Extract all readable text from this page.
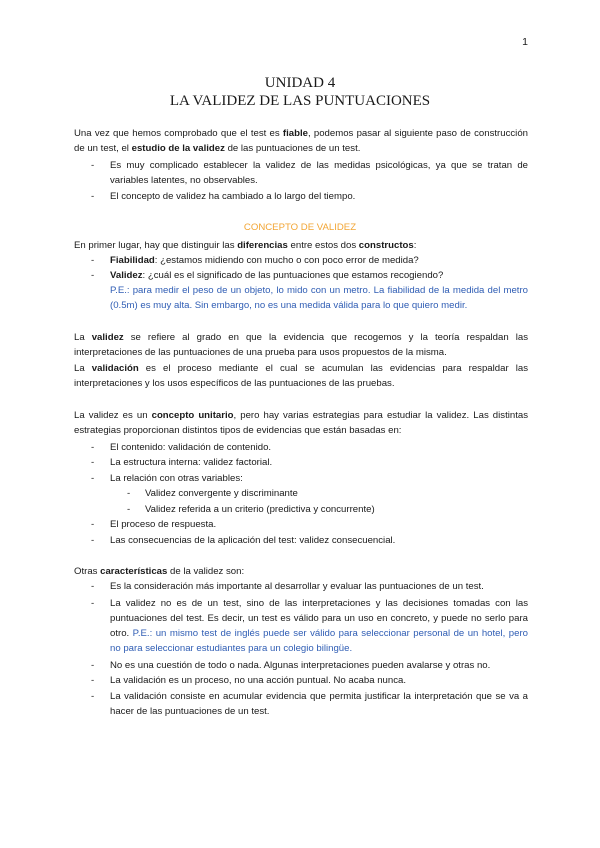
1
UNIDAD 4
LA VALIDEZ DE LAS PUNTUACIONES
Una vez que hemos comprobado que el test es fiable, podemos pasar al siguiente paso de construcción de un test, el estudio de la validez de las puntuaciones de un test.
- Es muy complicado establecer la validez de las medidas psicológicas, ya que se tratan de variables latentes, no observables.
- El concepto de validez ha cambiado a lo largo del tiempo.
CONCEPTO DE VALIDEZ
En primer lugar, hay que distinguir las diferencias entre estos dos constructos:
- Fiabilidad: ¿estamos midiendo con mucho o con poco error de medida?
- Validez: ¿cuál es el significado de las puntuaciones que estamos recogiendo?
P.E.: para medir el peso de un objeto, lo mido con un metro. La fiabilidad de la medida del metro (0.5m) es muy alta. Sin embargo, no es una medida válida para lo que quiero medir.
La validez se refiere al grado en que la evidencia que recogemos y la teoría respaldan las interpretaciones de las puntuaciones de una prueba para usos propuestos de la misma.
La validación es el proceso mediante el cual se acumulan las evidencias para respaldar las interpretaciones y los usos específicos de las puntuaciones de las pruebas.
La validez es un concepto unitario, pero hay varias estrategias para estudiar la validez. Las distintas estrategias proporcionan distintos tipos de evidencias que están basadas en:
- El contenido: validación de contenido.
- La estructura interna: validez factorial.
- La relación con otras variables:
- Validez convergente y discriminante
- Validez referida a un criterio (predictiva y concurrente)
- El proceso de respuesta.
- Las consecuencias de la aplicación del test: validez consecuencial.
Otras características de la validez son:
- Es la consideración más importante al desarrollar y evaluar las puntuaciones de un test.
- La validez no es de un test, sino de las interpretaciones y las decisiones tomadas con las puntuaciones del test. Es decir, un test es válido para un uso en concreto, y puede no serlo para otro. P.E.: un mismo test de inglés puede ser válido para seleccionar personal de un hotel, pero no para seleccionar estudiantes para un colegio bilingüe.
- No es una cuestión de todo o nada. Algunas interpretaciones pueden avalarse y otras no.
- La validación es un proceso, no una acción puntual. No acaba nunca.
- La validación consiste en acumular evidencia que permita justificar la interpretación que se va a hacer de las puntuaciones de un test.
